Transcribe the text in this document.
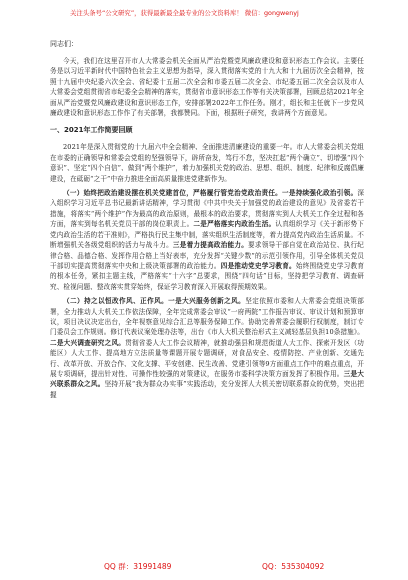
关注头条号“公文研究”，获得最新最全最专业的公文资料库！ 微信：gongwenyj
同志们：

今天，我们在这里召开市人大常委会机关全面从严治党暨党风廉政建设和意识形态工作会议。主要任务是以习近平新时代中国特色社会主义思想为指导，深入贯彻落实党的十九大和十九届历次全会精神，按照十九届中央纪委六次全会、省纪委十五届二次全会和市委五届二次全会、市纪委五届二次全会以及市人大常委会党组贯彻省市纪委全会精神的落实，贯彻省市意识形态工作等有关决策部署，回顾总结2021年全面从严治党暨党风廉政建设和意识形态工作，安排部署2022年工作任务。刚才，组长和主任就下一步党风廉政建设和意识形态工作作了有关部署，我都赞同。下面，根据班子研究，我讲两个方面意见。

一、2021年工作简要回顾

2021年是深入贯彻党的十九届六中全会精神、全面推进清廉建设的重要一年。市人大常委会机关党组在市委的正确领导和常委会党组的坚强领导下，辟所奋发，笃行不怠，坚决扛起“两个确立”、切增强“四个意识”、坚定“四个自信”、做到“两个维护”，着力加强机关党的政治、思想、组织、制度、纪律和反腐倡廉建设，在砥砺“之干”中奋力推进全面高质量推进党建新作为。

（一）始终把政治建设摆在机关党建首位，严格履行管党治党政治责任。一是持续强化政治引领。深入组织学习习近平总书记最新讲话精神，学习贯彻《中共中央关于加强党的政治建设的意见》及省委若干措施，将落实“两个维护”作为最高的政治原则，最根本的政治要求，贯彻落实到人大机关工作全过程和各方面，落实到每名机关党员干部的岗位职责上。二是严格落实内政治生活。认真组织学习《关于新形势下党内政治生活的若干准则》，严格执行民主集中制，落实组织生活制度等，着力提高党内政治生活质量。不断增强机关各级党组织的活力与战斗力。三是着力提高政治能力。要求领导干部自觉在政治站位、执行纪律合格、品德合格、发挥作用合格上当好表率，充分发挥“关键少数”的示范引领作用，引导全体机关党员干部切实提高贯彻落实中央和上级决策部署的政治能力。四是推动党史学习教育。始终围绕党史学习教育的根本任务，紧扣主题主线，严格落实“十六字”总要求，围绕“四句话”目标，坚持把学习教育、调查研究、检视问题、整改落实贯穿始终，保证学习教育深入开展取得预期效果。

（二）持之以恒改作风、正作风。一是大兴服务创新之风。坚定依照市委和人大常委会党组决策部署，全力推动人大机关工作依法保障，全年完成常委会审议“一府两院”工作报告审议、审议计划和预算审议，项目决议决定出台，全年视察意见综合汇总等服务保障工作。协助完善常委会履职行权制度，制订专门委员会工作规则。修订代表议案处理办法等，出台《市人大机关整治形式主义减轻基层负担10条措施》。二是大兴调查研究之风。贯彻省委人大工作会议精神，就推动强县和规范街道人大工作、探索开发区（功能区）人大工作、提高地方立法质量等课题开展专题调研，对食品安全、疫情防控、产业创新、交通先行、改革开放、开放合作、文化支撑、平安创建、民生改善、党建引领等9方面重点工作中的难点重点，开展专项调研，提出针对性、可操作性较强的对策建议，在服务市委科学决策方面发挥了积极作用。三是大兴联系群众之风。坚持开展“我为群众办实事”实践活动，充分发挥人大机关密切联系群众的优势，突出把握

QQ 群：31991489	QQ：535304092
